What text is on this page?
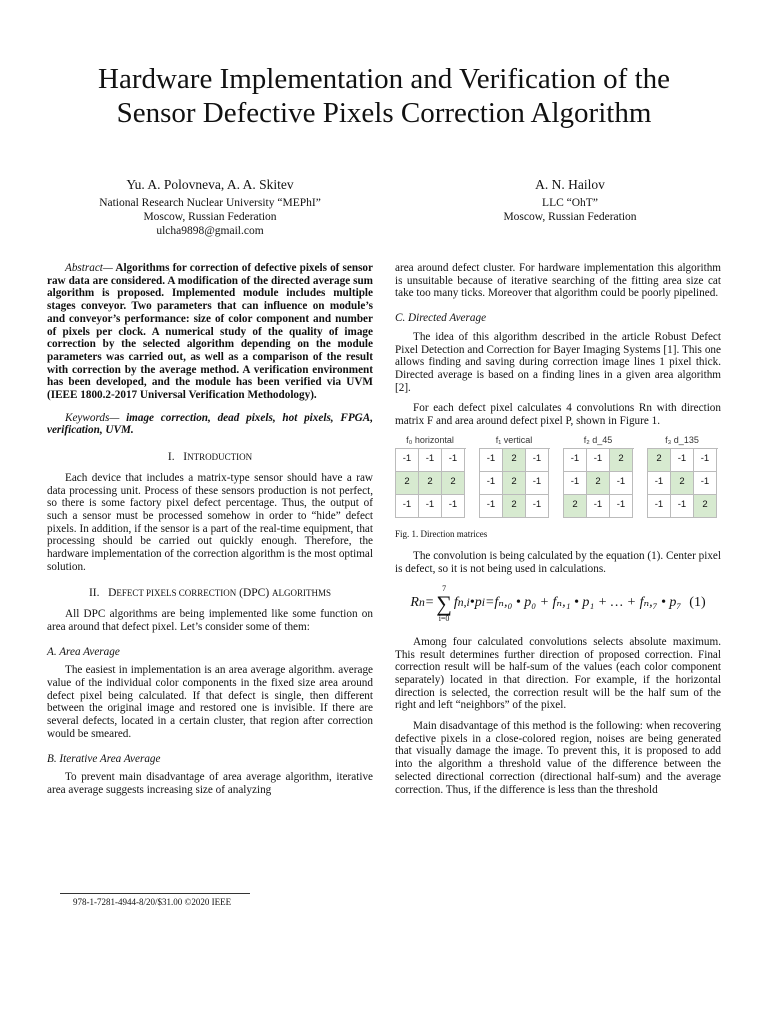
Hardware Implementation and Verification of the
Sensor Defective Pixels Correction Algorithm
Yu. A. Polovneva, A. A. Skitev
National Research Nuclear University “MEPhI”
Moscow, Russian Federation
ulcha9898@gmail.com
A. N. Hailov
LLC “OhT”
Moscow, Russian Federation

Abstract— Algorithms for correction of defective pixels of sensor raw data are considered. A modification of the directed average sum algorithm is proposed. Implemented module includes multiple stages conveyor. Two parameters that can influence on module’s and conveyor’s performance: size of color component and number of pixels per clock. A numerical study of the quality of image correction by the selected algorithm depending on the module parameters was carried out, as well as a comparison of the result with correction by the average method. A verification environment has been developed, and the module has been verified via UVM (IEEE 1800.2-2017 Universal Verification Methodology).

Keywords— image correction, dead pixels, hot pixels, FPGA, verification, UVM.

I. INTRODUCTION

Each device that includes a matrix-type sensor should have a raw data processing unit. Process of these sensors production is not perfect, so there is some factory pixel defect percentage. Thus, the output of such a sensor must be processed somehow in order to “hide” defect pixels. In addition, if the sensor is a part of the real-time equipment, that processing should be carried out quickly enough. Therefore, the hardware implementation of the correction algorithm is the most optimal solution.

II. DEFECT PIXELS CORRECTION (DPC) ALGORITHMS

All DPC algorithms are being implemented like some function on area around that defect pixel. Let’s consider some of them:

A. Area Average

The easiest in implementation is an area average algorithm. average value of the individual color components in the fixed size area around defect pixel being calculated. If that defect is single, then different between the original image and restored one is invisible. If there are several defects, located in a certain cluster, that region after correction would be smeared.

B. Iterative Area Average

To prevent main disadvantage of area average algorithm, iterative area average suggests increasing size of analyzing

area around defect cluster. For hardware implementation this algorithm is unsuitable because of iterative searching of the fitting area size cat take too many ticks. Moreover that algorithm could be poorly pipelined.

C. Directed Average

The idea of this algorithm described in the article Robust Defect Pixel Detection and Correction for Bayer Imaging Systems [1]. This one allows finding and saving during correction image lines 1 pixel thick. Directed average is based on a finding lines in a given area algorithm [2].

For each defect pixel calculates 4 convolutions Rn with direction matrix F and area around defect pixel P, shown in Figure 1.

f₀ horizontal
-1	-1	-1
2	2	2
-1	-1	-1
f₁ vertical
-1	2	-1
-1	2	-1
-1	2	-1
f₂ d_45
-1	-1	2
-1	2	-1
2	-1	-1
f₃ d_135
2	-1	-1
-1	2	-1
-1	-1	2
Fig. 1. Direction matrices

The convolution is being calculated by the equation (1). Center pixel is defect, so it is not being used in calculations.

R n =
7
∑
i=0
f n,i • p i =fₙ,₀ • p₀ + fₙ,₁ • p₁ + … + fₙ,₇ • p₇ (1)

Among four calculated convolutions selects absolute maximum. This result determines further direction of proposed correction. Final correction result will be half-sum of the values (each color component separately) located in that direction. For example, if the horizontal direction is selected, the correction result will be the half sum of the right and left “neighbors” of the pixel.

Main disadvantage of this method is the following: when recovering defective pixels in a close-colored region, noises are being generated that visually damage the image. To prevent this, it is proposed to add into the algorithm a threshold value of the difference between the selected directional correction (directional half-sum) and the average correction. Thus, if the difference is less than the threshold

978-1-7281-4944-8/20/$31.00 ©2020 IEEE
